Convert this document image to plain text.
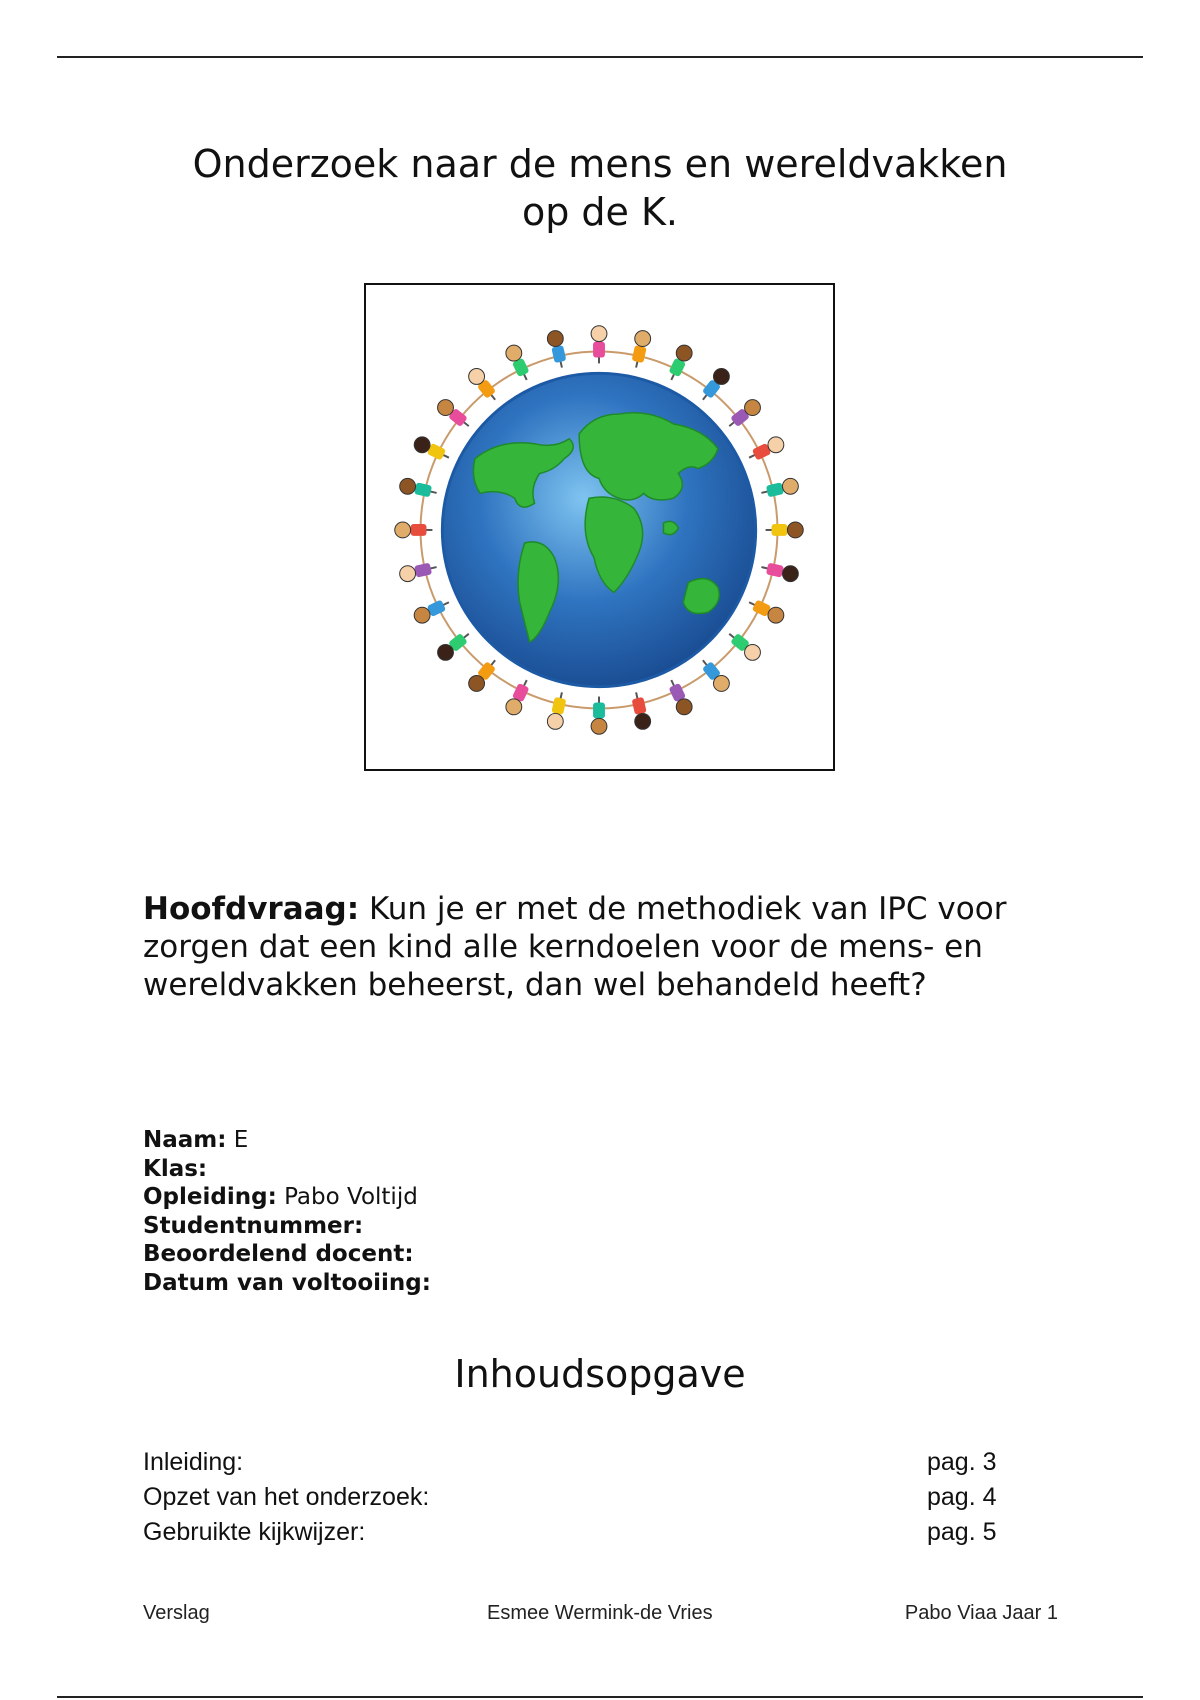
Onderzoek naar de mens en wereldvakken
op de K.
Hoofdvraag: Kun je er met de methodiek van IPC voor zorgen dat een kind alle kerndoelen voor de mens- en wereldvakken beheerst, dan wel behandeld heeft?
Naam: E
Klas:
Opleiding: Pabo Voltijd
Studentnummer:
Beoordelend docent:
Datum van voltooiing:
Inhoudsopgave
Inleiding:	pag. 3
Opzet van het onderzoek:	pag. 4
Gebruikte kijkwijzer:	pag. 5
Verslag	Esmee Wermink-de Vries	Pabo Viaa Jaar 1
